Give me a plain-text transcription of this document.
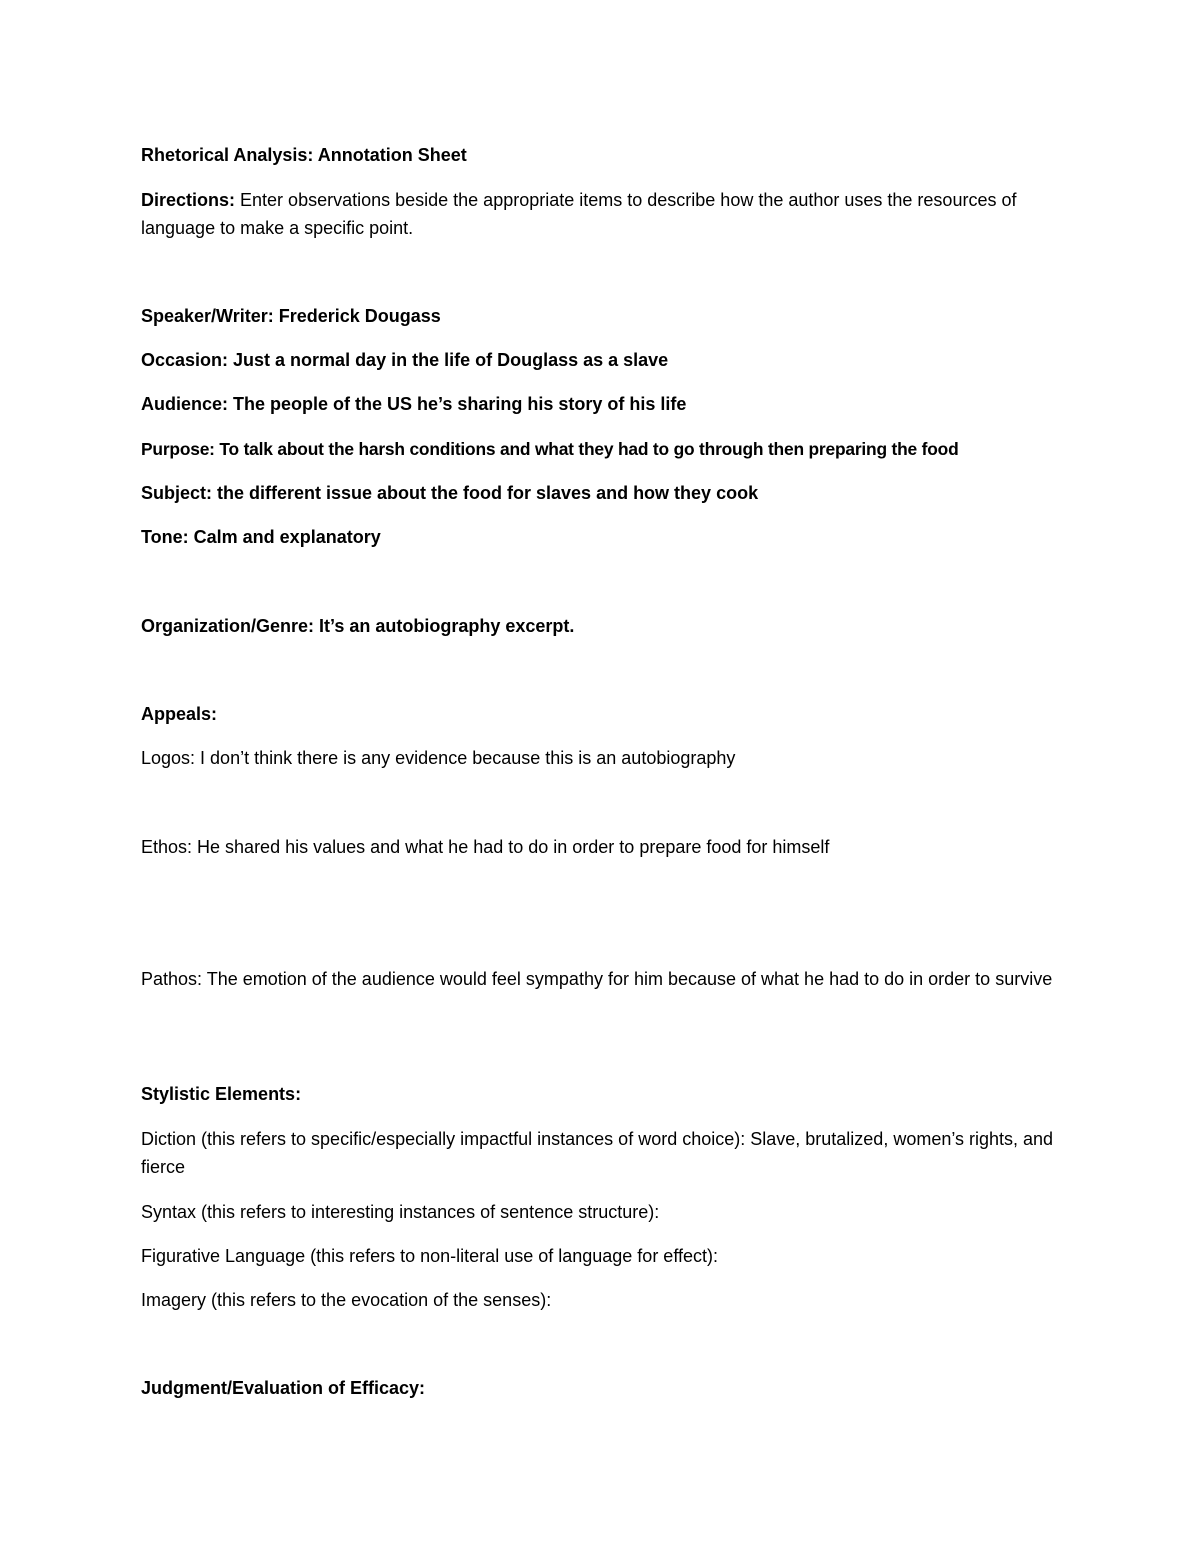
Rhetorical Analysis: Annotation Sheet
Directions: Enter observations beside the appropriate items to describe how the author uses the resources of language to make a specific point.
Speaker/Writer: Frederick Dougass
Occasion: Just a normal day in the life of Douglass as a slave
Audience: The people of the US he’s sharing his story of his life
Purpose: To talk about the harsh conditions and what they had to go through then preparing the food
Subject: the different issue about the food for slaves and how they cook
Tone: Calm and explanatory
Organization/Genre: It’s an autobiography excerpt.
Appeals:
Logos: I don’t think there is any evidence because this is an autobiography
Ethos: He shared his values and what he had to do in order to prepare food for himself
Pathos: The emotion of the audience would feel sympathy for him because of what he had to do in order to survive
Stylistic Elements:
Diction (this refers to specific/especially impactful instances of word choice): Slave, brutalized, women’s rights, and fierce
Syntax (this refers to interesting instances of sentence structure):
Figurative Language (this refers to non-literal use of language for effect):
Imagery (this refers to the evocation of the senses):
Judgment/Evaluation of Efficacy:
